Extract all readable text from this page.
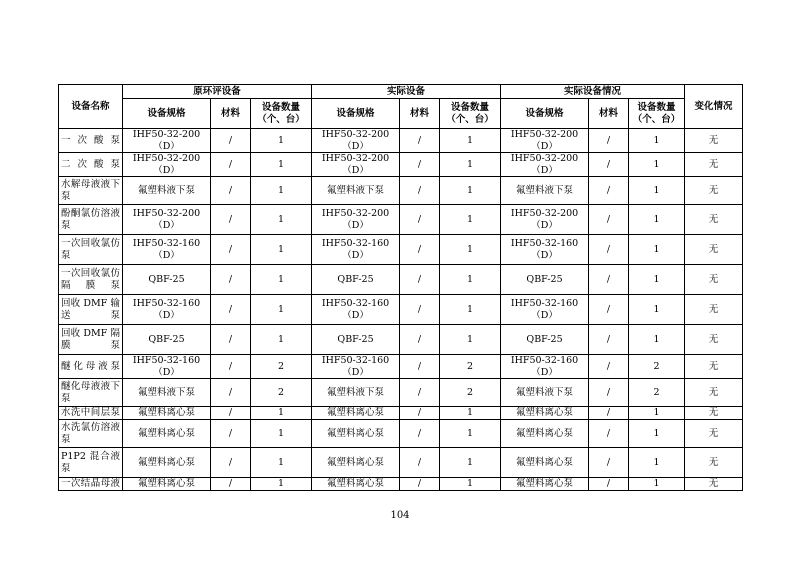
设备名称	原环评设备			实际设备			实际设备情况			变化情况
	设备规格	材料	设备数量（个、台）	设备规格	材料	设备数量（个、台）	设备规格	材料	设备数量（个、台）	
一次酸泵	IHF50-32-200（D）	/	1	IHF50-32-200（D）	/	1	IHF50-32-200（D）	/	1	无
二次酸泵	IHF50-32-200（D）	/	1	IHF50-32-200（D）	/	1	IHF50-32-200（D）	/	1	无
水解母液液下泵	氟塑料液下泵	/	1	氟塑料液下泵	/	1	氟塑料液下泵	/	1	无
酚酮氯仿溶液泵	IHF50-32-200（D）	/	1	IHF50-32-200（D）	/	1	IHF50-32-200（D）	/	1	无
一次回收氯仿泵	IHF50-32-160（D）	/	1	IHF50-32-160（D）	/	1	IHF50-32-160（D）	/	1	无
一次回收氯仿隔膜泵	QBF-25	/	1	QBF-25	/	1	QBF-25	/	1	无
回收 DMF 输送泵	IHF50-32-160（D）	/	1	IHF50-32-160（D）	/	1	IHF50-32-160（D）	/	1	无
回收 DMF 隔膜泵	QBF-25	/	1	QBF-25	/	1	QBF-25	/	1	无
醚化母液泵	IHF50-32-160（D）	/	2	IHF50-32-160（D）	/	2	IHF50-32-160（D）	/	2	无
醚化母液液下泵	氟塑料液下泵	/	2	氟塑料液下泵	/	2	氟塑料液下泵	/	2	无
水洗中间层泵	氟塑料离心泵	/	1	氟塑料离心泵	/	1	氟塑料离心泵	/	1	无
水洗氯仿溶液泵	氟塑料离心泵	/	1	氟塑料离心泵	/	1	氟塑料离心泵	/	1	无
P1P2 混合液泵	氟塑料离心泵	/	1	氟塑料离心泵	/	1	氟塑料离心泵	/	1	无
一次结晶母液	氟塑料离心泵	/	1	氟塑料离心泵	/	1	氟塑料离心泵	/	1	无
104
